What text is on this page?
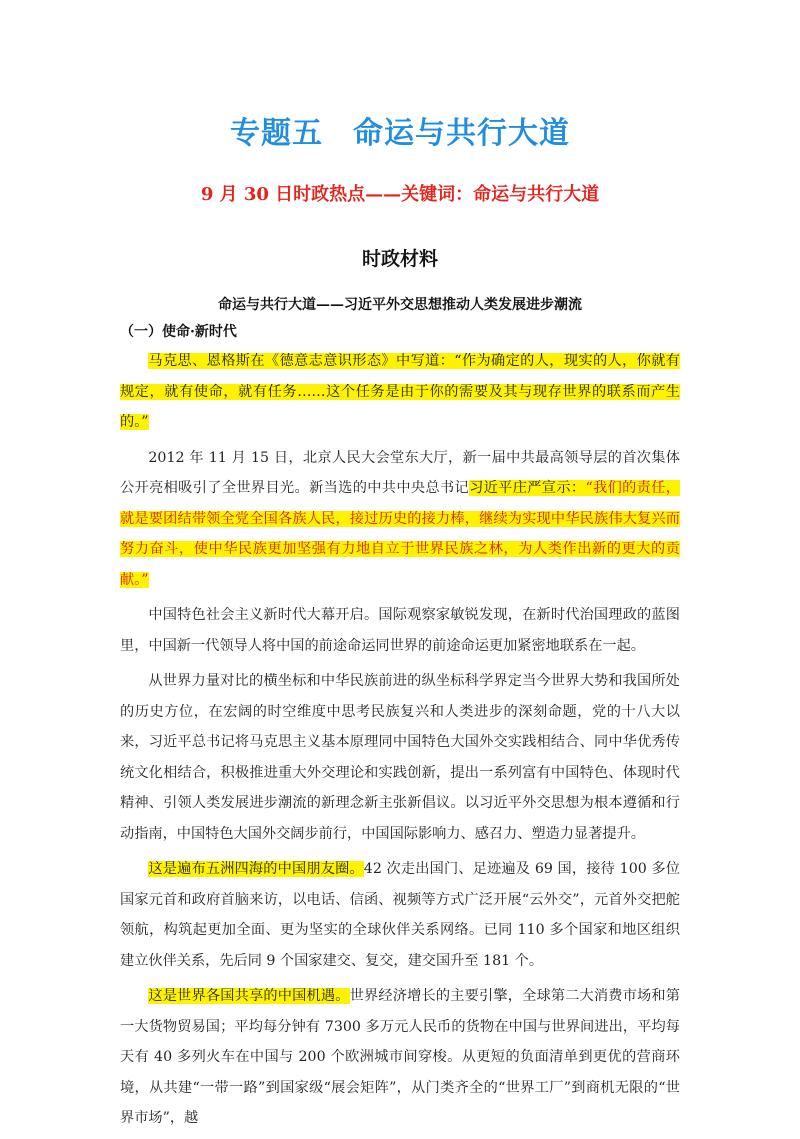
专题五 命运与共行大道
9 月 30 日时政热点——关键词：命运与共行大道
时政材料
命运与共行大道——习近平外交思想推动人类发展进步潮流
（一）使命·新时代

马克思、恩格斯在《德意志意识形态》中写道：“作为确定的人，现实的人，你就有规定，就有使命，就有任务……这个任务是由于你的需要及其与现存世界的联系而产生的。”

2012 年 11 月 15 日，北京人民大会堂东大厅，新一届中共最高领导层的首次集体公开亮相吸引了全世界目光。新当选的中共中央总书记习近平庄严宣示：“我们的责任，就是要团结带领全党全国各族人民，接过历史的接力棒，继续为实现中华民族伟大复兴而努力奋斗，使中华民族更加坚强有力地自立于世界民族之林，为人类作出新的更大的贡献。”

中国特色社会主义新时代大幕开启。国际观察家敏锐发现，在新时代治国理政的蓝图里，中国新一代领导人将中国的前途命运同世界的前途命运更加紧密地联系在一起。

从世界力量对比的横坐标和中华民族前进的纵坐标科学界定当今世界大势和我国所处的历史方位，在宏阔的时空维度中思考民族复兴和人类进步的深刻命题，党的十八大以来，习近平总书记将马克思主义基本原理同中国特色大国外交实践相结合、同中华优秀传统文化相结合，积极推进重大外交理论和实践创新，提出一系列富有中国特色、体现时代精神、引领人类发展进步潮流的新理念新主张新倡议。以习近平外交思想为根本遵循和行动指南，中国特色大国外交阔步前行，中国国际影响力、感召力、塑造力显著提升。

这是遍布五洲四海的中国朋友圈。42 次走出国门、足迹遍及 69 国，接待 100 多位国家元首和政府首脑来访，以电话、信函、视频等方式广泛开展“云外交”，元首外交把舵领航，构筑起更加全面、更为坚实的全球伙伴关系网络。已同 110 多个国家和地区组织建立伙伴关系，先后同 9 个国家建交、复交，建交国升至 181 个。

这是世界各国共享的中国机遇。世界经济增长的主要引擎，全球第二大消费市场和第一大货物贸易国；平均每分钟有 7300 多万元人民币的货物在中国与世界间进出，平均每天有 40 多列火车在中国与 200 个欧洲城市间穿梭。从更短的负面清单到更优的营商环境，从共建“一带一路”到国家级“展会矩阵”，从门类齐全的“世界工厂”到商机无限的“世界市场”，越
